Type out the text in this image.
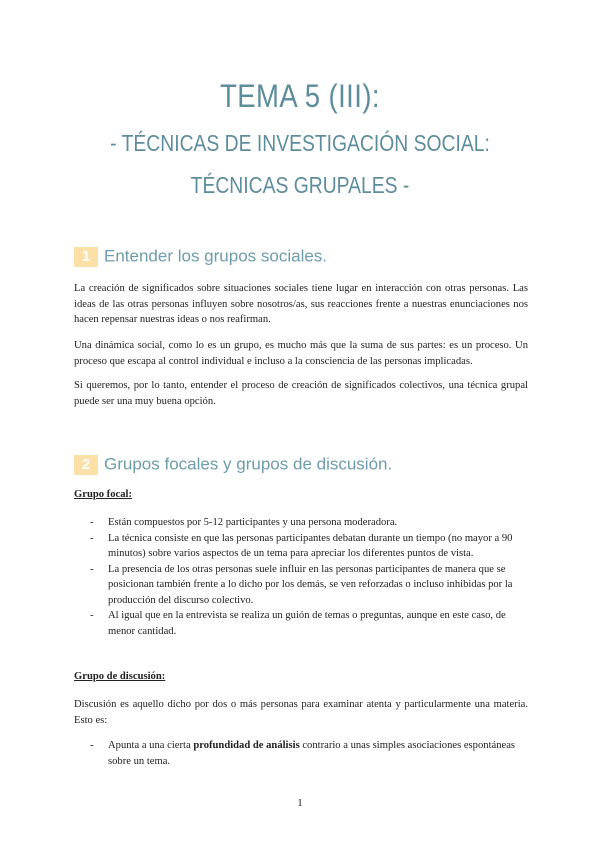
TEMA 5 (III):
- TÉCNICAS DE INVESTIGACIÓN SOCIAL:
TÉCNICAS GRUPALES -
1 Entender los grupos sociales.

La creación de significados sobre situaciones sociales tiene lugar en interacción con otras personas. Las ideas de las otras personas influyen sobre nosotros/as, sus reacciones frente a nuestras enunciaciones nos hacen repensar nuestras ideas o nos reafirman.

Una dinámica social, como lo es un grupo, es mucho más que la suma de sus partes: es un proceso. Un proceso que escapa al control individual e incluso a la consciencia de las personas implicadas.

Si queremos, por lo tanto, entender el proceso de creación de significados colectivos, una técnica grupal puede ser una muy buena opción.

2 Grupos focales y grupos de discusión.

Grupo focal:

- Están compuestos por 5-12 participantes y una persona moderadora.
- La técnica consiste en que las personas participantes debatan durante un tiempo (no mayor a 90 minutos) sobre varios aspectos de un tema para apreciar los diferentes puntos de vista.
- La presencia de los otras personas suele influir en las personas participantes de manera que se posicionan también frente a lo dicho por los demás, se ven reforzadas o incluso inhibidas por la producción del discurso colectivo.
- Al igual que en la entrevista se realiza un guión de temas o preguntas, aunque en este caso, de menor cantidad.

Grupo de discusión:

Discusión es aquello dicho por dos o más personas para examinar atenta y particularmente una materia. Esto es:

- Apunta a una cierta profundidad de análisis contrario a unas simples asociaciones espontáneas sobre un tema.
1
